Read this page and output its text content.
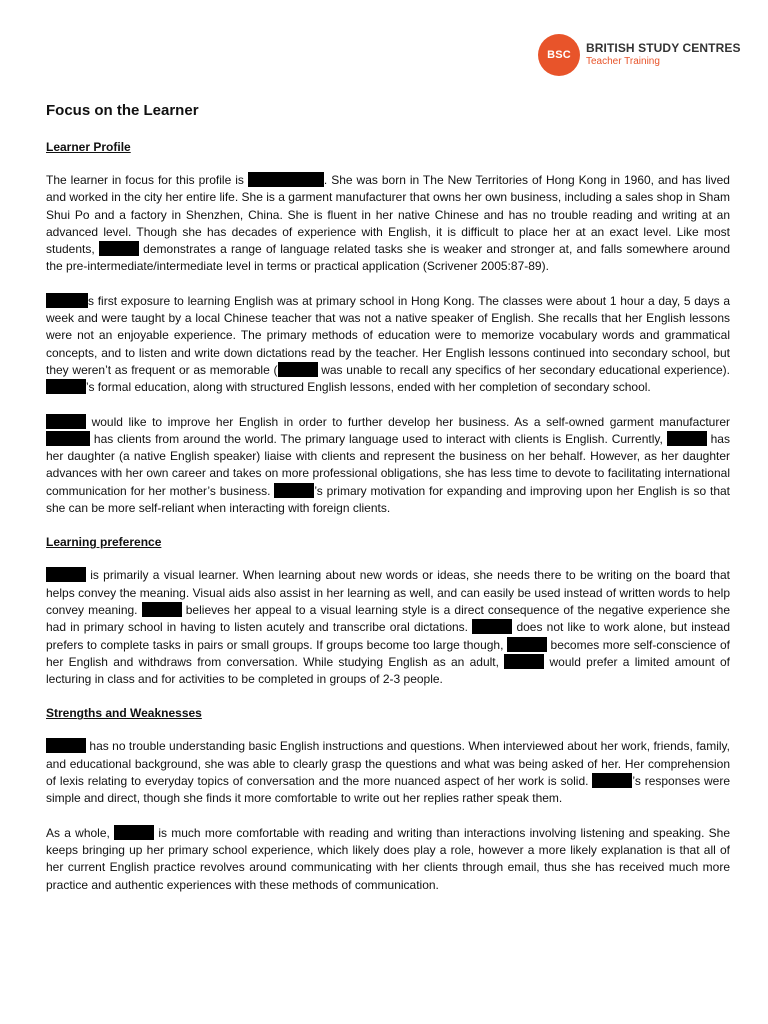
BSC BRITISH STUDY CENTRES
Teacher Training
Focus on the Learner
Learner Profile

The learner in focus for this profile is	. She was born in The New Territories of Hong Kong in 1960, and has lived and worked in the city her entire life. She is a garment manufacturer that owns her own business, including a sales shop in Sham Shui Po and a factory in Shenzhen, China. She is fluent in her native Chinese and has no trouble reading and writing at an advanced level. Though she has decades of experience with English, it is difficult to place her at an exact level. Like most students,	demonstrates a range of language related tasks she is weaker and stronger at, and falls somewhere around the pre-intermediate/intermediate level in terms or practical application (Scrivener 2005:87-89).

s first exposure to learning English was at primary school in Hong Kong. The classes were about 1 hour a day, 5 days a week and were taught by a local Chinese teacher that was not a native speaker of English. She recalls that her English lessons were not an enjoyable experience. The primary methods of education were to memorize vocabulary words and grammatical concepts, and to listen and write down dictations read by the teacher. Her English lessons continued into secondary school, but they weren’t as frequent or as memorable (	was unable to recall any specifics of her secondary educational experience). ’s formal education, along with structured English lessons, ended with her completion of secondary school.

would like to improve her English in order to further develop her business. As a self-owned garment manufacturer  has clients from around the world. The primary language used to interact with clients is English. Currently,	has her daughter (a native English speaker) liaise with clients and represent the business on her behalf. However, as her daughter advances with her own career and takes on more professional obligations, she has less time to devote to facilitating international communication for her mother’s business.	’s primary motivation for expanding and improving upon her English is so that she can be more self-reliant when interacting with foreign clients.

Learning preference

is primarily a visual learner. When learning about new words or ideas, she needs there to be writing on the board that helps convey the meaning. Visual aids also assist in her learning as well, and can easily be used instead of written words to help convey meaning.	believes her appeal to a visual learning style is a direct consequence of the negative experience she had in primary school in having to listen acutely and transcribe oral dictations.	does not like to work alone, but instead prefers to complete tasks in pairs or small groups. If groups become too large though,	becomes more self-conscience of her English and withdraws from conversation. While studying English as an adult,	would prefer a limited amount of lecturing in class and for activities to be completed in groups of 2-3 people.

Strengths and Weaknesses

has no trouble understanding basic English instructions and questions. When interviewed about her work, friends, family, and educational background, she was able to clearly grasp the questions and what was being asked of her. Her comprehension of lexis relating to everyday topics of conversation and the more nuanced aspect of her work is solid.	’s responses were simple and direct, though she finds it more comfortable to write out her replies rather speak them.

As a whole,	is much more comfortable with reading and writing than interactions involving listening and speaking. She keeps bringing up her primary school experience, which likely does play a role, however a more likely explanation is that all of her current English practice revolves around communicating with her clients through email, thus she has received much more practice and authentic experiences with these methods of communication.
